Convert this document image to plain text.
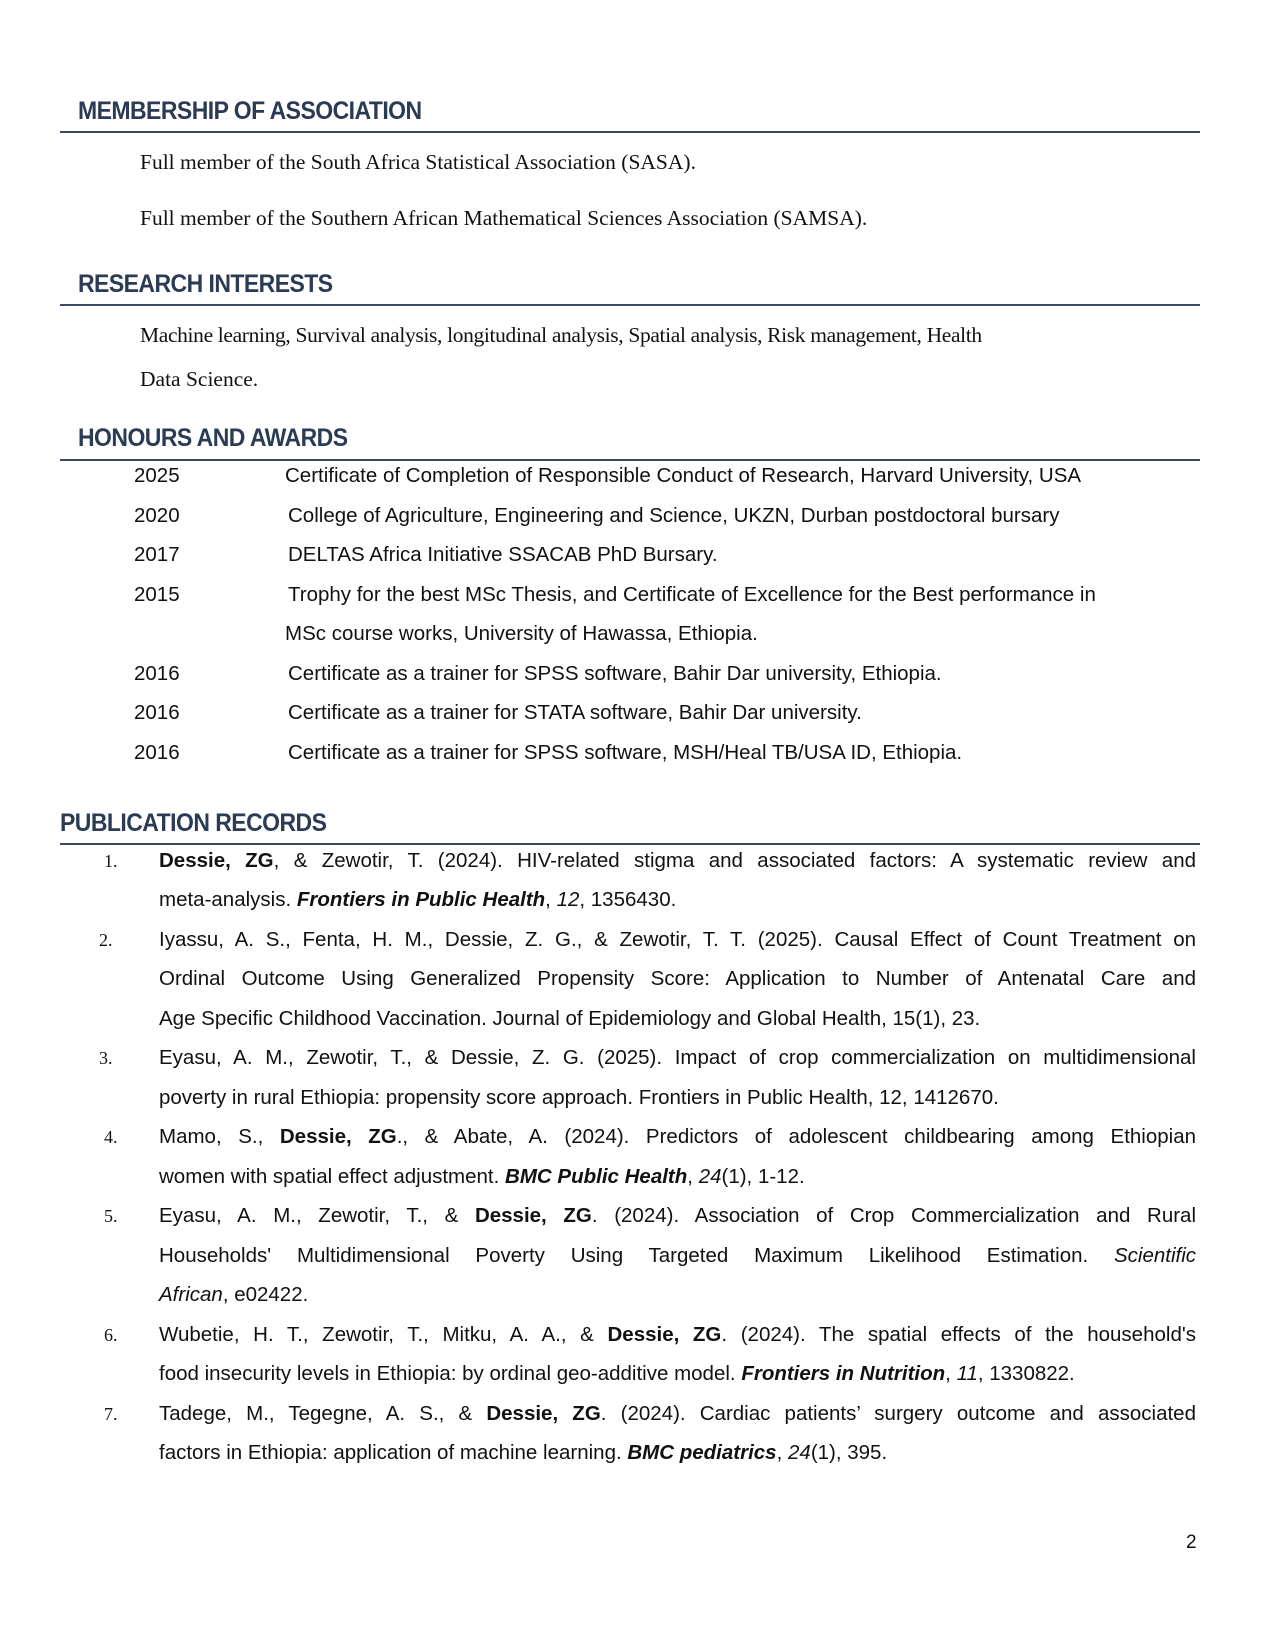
MEMBERSHIP OF ASSOCIATION
Full member of the South Africa Statistical Association (SASA).
Full member of the Southern African Mathematical Sciences Association (SAMSA).
RESEARCH INTERESTS
Machine learning, Survival analysis, longitudinal analysis, Spatial analysis, Risk management, Health
Data Science.
HONOURS AND AWARDS
2025	Certificate of Completion of Responsible Conduct of Research, Harvard University, USA
2020	College of Agriculture, Engineering and Science, UKZN, Durban postdoctoral bursary
2017	DELTAS Africa Initiative SSACAB PhD Bursary.
2015	Trophy for the best MSc Thesis, and Certificate of Excellence for the Best performance in
MSc course works, University of Hawassa, Ethiopia.
2016	Certificate as a trainer for SPSS software, Bahir Dar university, Ethiopia.
2016	Certificate as a trainer for STATA software, Bahir Dar university.
2016	Certificate as a trainer for SPSS software, MSH/Heal TB/USA ID, Ethiopia.
PUBLICATION RECORDS
1. Dessie, ZG, & Zewotir, T. (2024). HIV-related stigma and associated factors: A systematic review and
meta-analysis. Frontiers in Public Health, 12, 1356430.
2. Iyassu, A. S., Fenta, H. M., Dessie, Z. G., & Zewotir, T. T. (2025). Causal Effect of Count Treatment on
Ordinal Outcome Using Generalized Propensity Score: Application to Number of Antenatal Care and
Age Specific Childhood Vaccination. Journal of Epidemiology and Global Health, 15(1), 23.
3. Eyasu, A. M., Zewotir, T., & Dessie, Z. G. (2025). Impact of crop commercialization on multidimensional
poverty in rural Ethiopia: propensity score approach. Frontiers in Public Health, 12, 1412670.
4. Mamo, S., Dessie, ZG., & Abate, A. (2024). Predictors of adolescent childbearing among Ethiopian
women with spatial effect adjustment. BMC Public Health, 24(1), 1-12.
5. Eyasu, A. M., Zewotir, T., & Dessie, ZG. (2024). Association of Crop Commercialization and Rural
Households' Multidimensional Poverty Using Targeted Maximum Likelihood Estimation. Scientific
African, e02422.
6. Wubetie, H. T., Zewotir, T., Mitku, A. A., & Dessie, ZG. (2024). The spatial effects of the household's
food insecurity levels in Ethiopia: by ordinal geo-additive model. Frontiers in Nutrition, 11, 1330822.
7. Tadege, M., Tegegne, A. S., & Dessie, ZG. (2024). Cardiac patients’ surgery outcome and associated
factors in Ethiopia: application of machine learning. BMC pediatrics, 24(1), 395.
2
